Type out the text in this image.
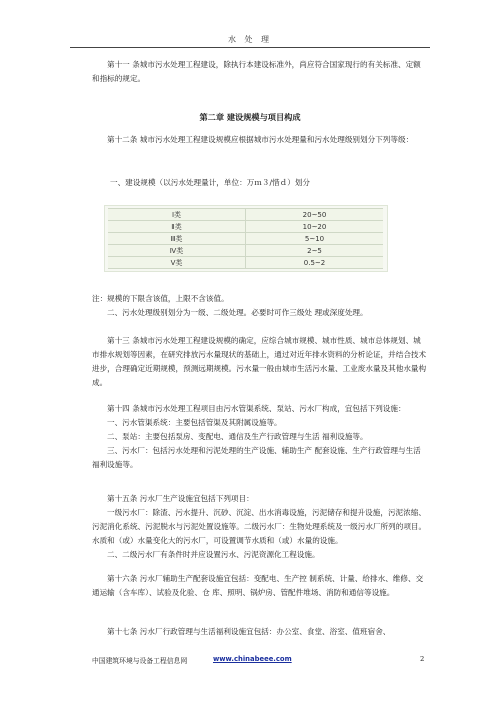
水 处 理

第十一 条城市污水处理工程建设，除执行本建设标准外，尚应符合国家现行的有关标准、定额和指标的规定。

第二章 建设规模与项目构成

第十二条 城市污水处理工程建设规模应根据城市污水处理量和污水处理级别划分下列等级：

一、建设规模（以污水处理量计，单位：万ｍ３/惜ｄ）划分

Ⅰ类	20~50
Ⅱ类	10~20
Ⅲ类	5~10
Ⅳ类	2~5
Ⅴ类	0.5~2

注：规模的下限含该值，上限不含该值。

二、污水处理级别划分为一级、二级处理。必要时可作三级处 理或深度处理。

第十三 条城市污水处理工程建设规模的确定，应综合城市规模、城市性质、城市总体规划、城市排水规划等因素，在研究排放污水量现状的基础上，通过对近年排水资料的分析论证，并结合技术进步，合理确定近期规模，预测远期规模。污水量一般由城市生活污水量、工业废水量及其他水量构成。

第十四 条城市污水处理工程项目由污水管渠系统、泵站、污水厂构成，宜包括下列设施：

一、污水管渠系统：主要包括管渠及其附属设施等。

二、泵站：主要包括泵房、变配电、通信及生产行政管理与生活 福利设施等。

三、污水厂：包括污水处理和污泥处理的生产设施、辅助生产 配套设施、生产行政管理与生活福利设施等。

第十五条 污水厂生产设施宜包括下列项目：

一级污水厂：除渣、污水提升、沉砂、沉淀、出水消毒设施，污泥储存和提升设施，污泥浓缩、污泥消化系统、污泥脱水与污泥处置设施等。二级污水厂：生物处理系统及一级污水厂所列的项目。水质和（或）水量变化大的污水厂，可设置调节水质和（或）水量的设施。

二、二级污水厂有条件时并应设置污水、污泥资源化工程设施。

第十六条 污水厂辅助生产配套设施宜包括：变配电、生产控 制系统、计量、给排水、维修、交通运输（含车库）、试验及化验、仓 库、照明、锅炉房、管配件堆场、消防和通信等设施。

第十七条 污水厂行政管理与生活福利设施宜包括：办公室、食堂、浴室、值班宿舍、

中国建筑环境与设备工程信息网	www.chinabeee.com	2
